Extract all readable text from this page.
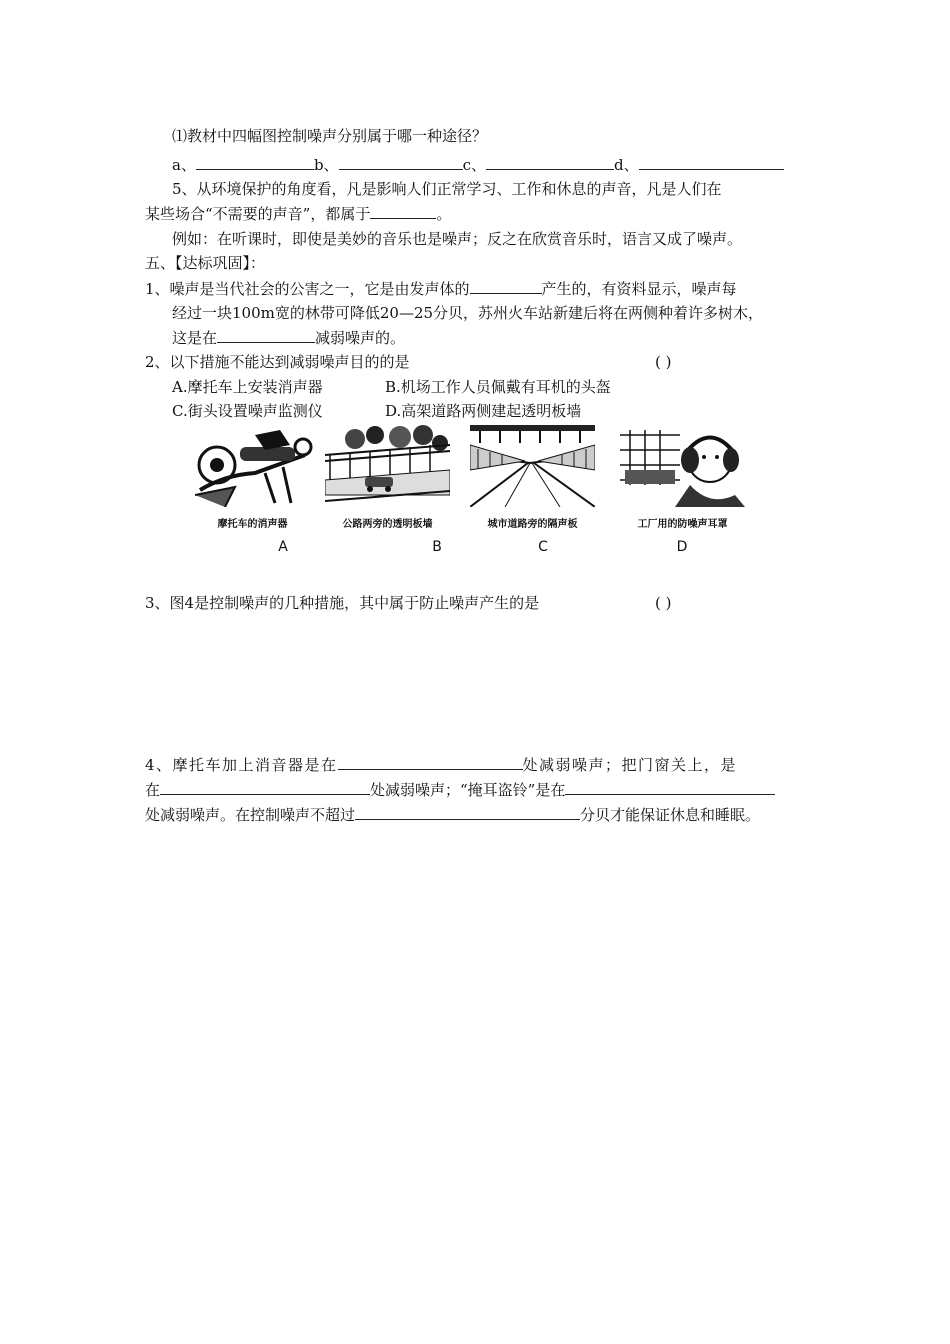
⑴教材中四幅图控制噪声分别属于哪一种途径？
a、	b、	c、	d、
5、从环境保护的角度看，凡是影响人们正常学习、工作和休息的声音，凡是人们在
某些场合“不需要的声音”，都属于	。
例如：在听课时，即使是美妙的音乐也是噪声；反之在欣赏音乐时，语言又成了噪声。
五、【达标巩固】：
1、噪声是当代社会的公害之一，它是由发声体的	产生的，有资料显示，噪声每
经过一块100m宽的林带可降低20—25分贝，苏州火车站新建后将在两侧种着许多树木，
这是在	减弱噪声的。
2、以下措施不能达到减弱噪声目的的是	( )
A.摩托车上安装消声器	B.机场工作人员佩戴有耳机的头盔
C.街头设置噪声监测仪	D.高架道路两侧建起透明板墙
摩托车的消声器	公路两旁的透明板墙	城市道路旁的隔声板	工厂用的防噪声耳罩
A	B	C	D
3、图4是控制噪声的几种措施，其中属于防止噪声产生的是	( )
4、摩托车加上消音器是在	处减弱噪声；把门窗关上，是
在	处减弱噪声；“掩耳盗铃”是在
处减弱噪声。在控制噪声不超过	分贝才能保证休息和睡眠。
